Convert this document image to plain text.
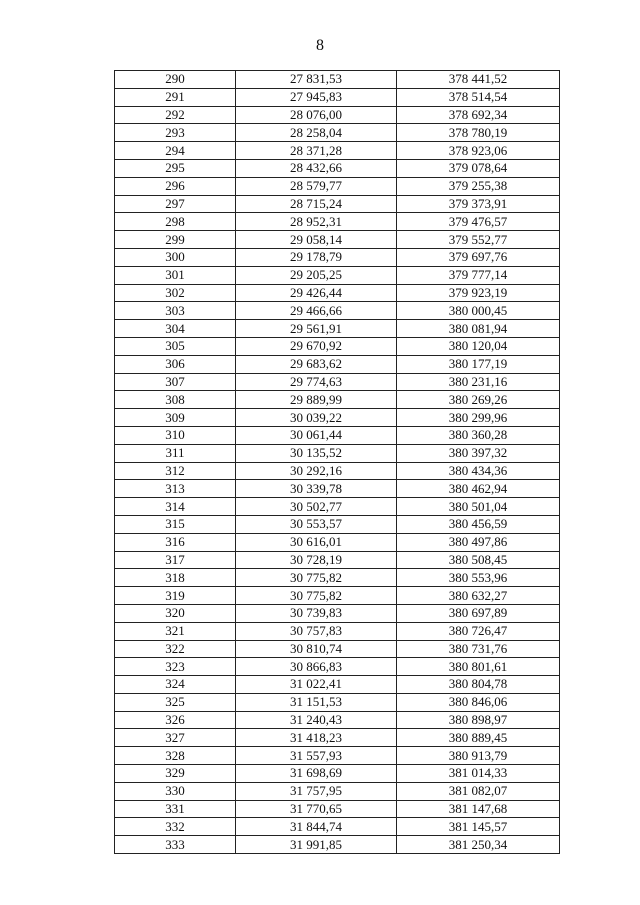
8
290	27 831,53	378 441,52
291	27 945,83	378 514,54
292	28 076,00	378 692,34
293	28 258,04	378 780,19
294	28 371,28	378 923,06
295	28 432,66	379 078,64
296	28 579,77	379 255,38
297	28 715,24	379 373,91
298	28 952,31	379 476,57
299	29 058,14	379 552,77
300	29 178,79	379 697,76
301	29 205,25	379 777,14
302	29 426,44	379 923,19
303	29 466,66	380 000,45
304	29 561,91	380 081,94
305	29 670,92	380 120,04
306	29 683,62	380 177,19
307	29 774,63	380 231,16
308	29 889,99	380 269,26
309	30 039,22	380 299,96
310	30 061,44	380 360,28
311	30 135,52	380 397,32
312	30 292,16	380 434,36
313	30 339,78	380 462,94
314	30 502,77	380 501,04
315	30 553,57	380 456,59
316	30 616,01	380 497,86
317	30 728,19	380 508,45
318	30 775,82	380 553,96
319	30 775,82	380 632,27
320	30 739,83	380 697,89
321	30 757,83	380 726,47
322	30 810,74	380 731,76
323	30 866,83	380 801,61
324	31 022,41	380 804,78
325	31 151,53	380 846,06
326	31 240,43	380 898,97
327	31 418,23	380 889,45
328	31 557,93	380 913,79
329	31 698,69	381 014,33
330	31 757,95	381 082,07
331	31 770,65	381 147,68
332	31 844,74	381 145,57
333	31 991,85	381 250,34
